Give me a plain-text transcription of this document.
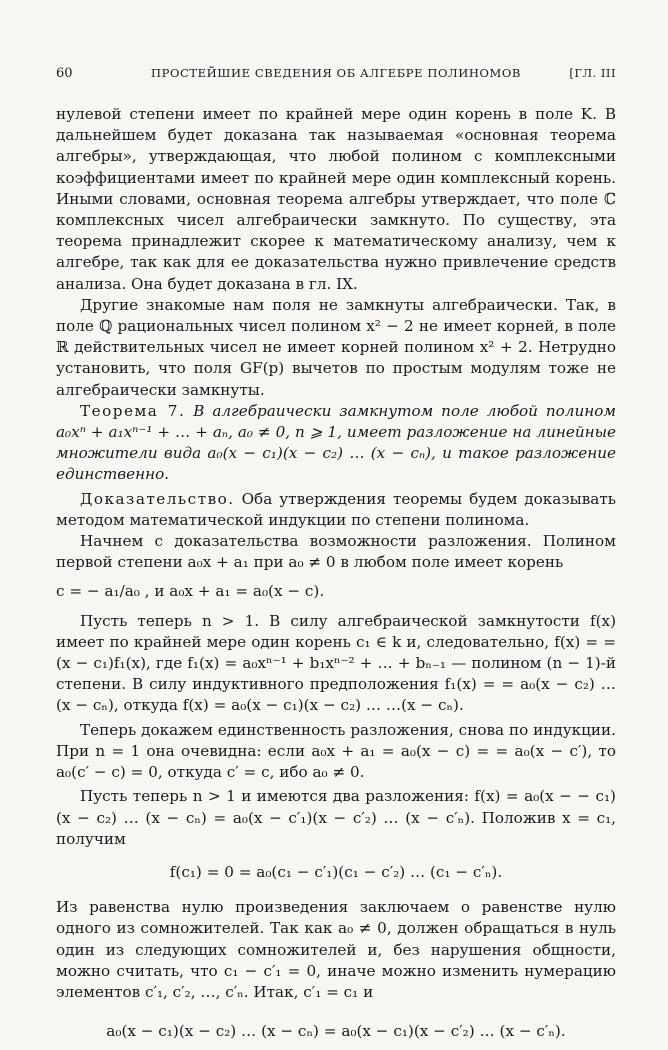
60	ПРОСТЕЙШИЕ СВЕДЕНИЯ ОБ АЛГЕБРЕ ПОЛИНОМОВ	[ГЛ. III

нулевой степени имеет по крайней мере один корень в поле K. В дальнейшем будет доказана так называемая «основная теорема алгебры», утверждающая, что любой полином с комплексными коэффициентами имеет по крайней мере один комплексный корень. Иными словами, основная теорема алгебры утверждает, что поле ℂ комплексных чисел алгебраически замкнуто. По существу, эта теорема принадлежит скорее к математическому анализу, чем к алгебре, так как для ее доказательства нужно привлечение средств анализа. Она будет доказана в гл. IX.

Другие знакомые нам поля не замкнуты алгебраически. Так, в поле ℚ рациональных чисел полином x² − 2 не имеет корней, в поле ℝ действительных чисел не имеет корней полином x² + 2. Нетрудно установить, что поля GF(p) вычетов по простым модулям тоже не алгебраически замкнуты.

Теорема 7. В алгебраически замкнутом поле любой полином a₀xⁿ + a₁xⁿ⁻¹ + … + aₙ, a₀ ≠ 0, n ⩾ 1, имеет разложение на линейные множители вида a₀(x − c₁)(x − c₂) … (x − cₙ), и такое разложение единственно.

Доказательство. Оба утверждения теоремы будем доказывать методом математической индукции по степени полинома.

Начнем с доказательства возможности разложения. Полином первой степени a₀x + a₁ при a₀ ≠ 0 в любом поле имеет корень

c = − a₁/a₀ , и a₀x + a₁ = a₀(x − c).

Пусть теперь n > 1. В силу алгебраической замкнутости f(x) имеет по крайней мере один корень c₁ ∈ k и, следовательно, f(x) = = (x − c₁)f₁(x), где f₁(x) = a₀xⁿ⁻¹ + b₁xⁿ⁻² + … + bₙ₋₁ — полином (n − 1)-й степени. В силу индуктивного предположения f₁(x) = = a₀(x − c₂) … (x − cₙ), откуда f(x) = a₀(x − c₁)(x − c₂) … …(x − cₙ).

Теперь докажем единственность разложения, снова по индукции. При n = 1 она очевидна: если a₀x + a₁ = a₀(x − c) = = a₀(x − c′), то a₀(c′ − c) = 0, откуда c′ = c, ибо a₀ ≠ 0.

Пусть теперь n > 1 и имеются два разложения: f(x) = a₀(x − − c₁)(x − c₂) … (x − cₙ) = a₀(x − c′₁)(x − c′₂) … (x − c′ₙ). Положив x = c₁, получим

f(c₁) = 0 = a₀(c₁ − c′₁)(c₁ − c′₂) … (c₁ − c′ₙ).

Из равенства нулю произведения заключаем о равенстве нулю одного из сомножителей. Так как a₀ ≠ 0, должен обращаться в нуль один из следующих сомножителей и, без нарушения общности, можно считать, что c₁ − c′₁ = 0, иначе можно изменить нумерацию элементов c′₁, c′₂, …, c′ₙ. Итак, c′₁ = c₁ и

a₀(x − c₁)(x − c₂) … (x − cₙ) = a₀(x − c₁)(x − c′₂) … (x − c′ₙ).
